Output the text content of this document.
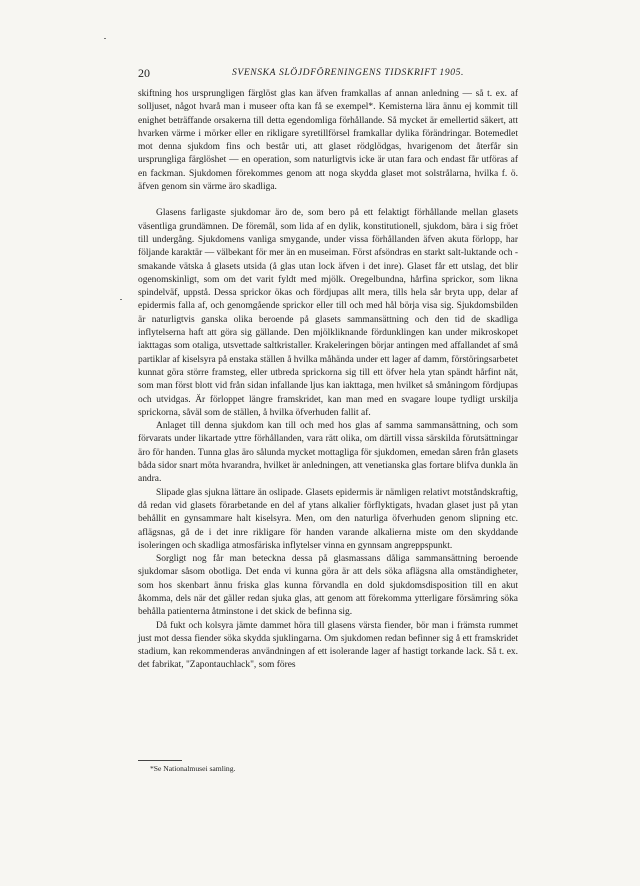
20	SVENSKA SLÖJDFÖRENINGENS TIDSKRIFT 1905.

skiftning hos ursprungligen färglöst glas kan äfven framkallas af annan anledning — så t. ex. af solljuset, något hvarå man i museer ofta kan få se exempel*. Kemisterna lära ännu ej kommit till enighet beträffande orsakerna till detta egendomliga förhållande. Så mycket är emellertid säkert, att hvarken värme i mörker eller en rikligare syretillförsel framkallar dylika förändringar. Botemedlet mot denna sjukdom fins och består uti, att glaset rödglödgas, hvarigenom det återfår sin ursprungliga färglöshet — en operation, som naturligtvis icke är utan fara och endast får utföras af en fackman. Sjukdomen förekommes genom att noga skydda glaset mot solstrålarna, hvilka f. ö. äfven genom sin värme äro skadliga.

Glasens farligaste sjukdomar äro de, som bero på ett felaktigt förhållande mellan glasets väsentliga grundämnen. De föremål, som lida af en dylik, konstitutionell, sjukdom, bära i sig fröet till undergång. Sjukdomens vanliga smygande, under vissa förhållanden äfven akuta förlopp, har följande karaktär — välbekant för mer än en museiman. Först afsöndras en starkt salt-luktande och -smakande vätska å glasets utsida (å glas utan lock äfven i det inre). Glaset får ett utslag, det blir ogenomskinligt, som om det varit fyldt med mjölk. Oregelbundna, hårfina sprickor, som likna spindelväf, uppstå. Dessa sprickor ökas och fördjupas allt mera, tills hela sår bryta upp, delar af epidermis falla af, och genomgående sprickor eller till och med hål börja visa sig. Sjukdomsbilden är naturligtvis ganska olika beroende på glasets sammansättning och den tid de skadliga inflytelserna haft att göra sig gällande. Den mjölkliknande fördunklingen kan under mikroskopet iakttagas som otaliga, utsvettade saltkristaller. Krakeleringen börjar antingen med affallandet af små partiklar af kiselsyra på enstaka ställen å hvilka måhända under ett lager af damm, förstöringsarbetet kunnat göra större framsteg, eller utbreda sprickorna sig till ett öfver hela ytan spändt hårfint nät, som man först blott vid från sidan infallande ljus kan iakttaga, men hvilket så småningom fördjupas och utvidgas. Är förloppet längre framskridet, kan man med en svagare loupe tydligt urskilja sprickorna, såväl som de ställen, å hvilka öfverhuden fallit af.

Anlaget till denna sjukdom kan till och med hos glas af samma sammansättning, och som förvarats under likartade yttre förhållanden, vara rätt olika, om därtill vissa särskilda förutsättningar äro för handen. Tunna glas äro sålunda mycket mottagliga för sjukdomen, emedan såren från glasets båda sidor snart möta hvarandra, hvilket är anledningen, att venetianska glas fortare blifva dunkla än andra.

Slipade glas sjukna lättare än oslipade. Glasets epidermis är nämligen relativt motståndskraftig, då redan vid glasets förarbetande en del af ytans alkalier förflyktigats, hvadan glaset just på ytan behållit en gynsammare halt kiselsyra. Men, om den naturliga öfverhuden genom slipning etc. aflägsnas, gå de i det inre rikligare för handen varande alkalierna miste om den skyddande isoleringen och skadliga atmosfäriska inflytelser vinna en gynnsam angreppspunkt.

Sorgligt nog får man beteckna dessa på glasmassans dåliga sammansättning beroende sjukdomar såsom obotliga. Det enda vi kunna göra är att dels söka aflägsna alla omständigheter, som hos skenbart ännu friska glas kunna förvandla en dold sjukdomsdisposition till en akut åkomma, dels när det gäller redan sjuka glas, att genom att förekomma ytterligare försämring söka behålla patienterna åtminstone i det skick de befinna sig.

Då fukt och kolsyra jämte dammet höra till glasens värsta fiender, bör man i främsta rummet just mot dessa fiender söka skydda sjuklingarna. Om sjukdomen redan befinner sig å ett framskridet stadium, kan rekommenderas användningen af ett isolerande lager af hastigt torkande lack. Så t. ex. det fabrikat, "Zapontauchlack", som föres

*Se Nationalmusei samling.
